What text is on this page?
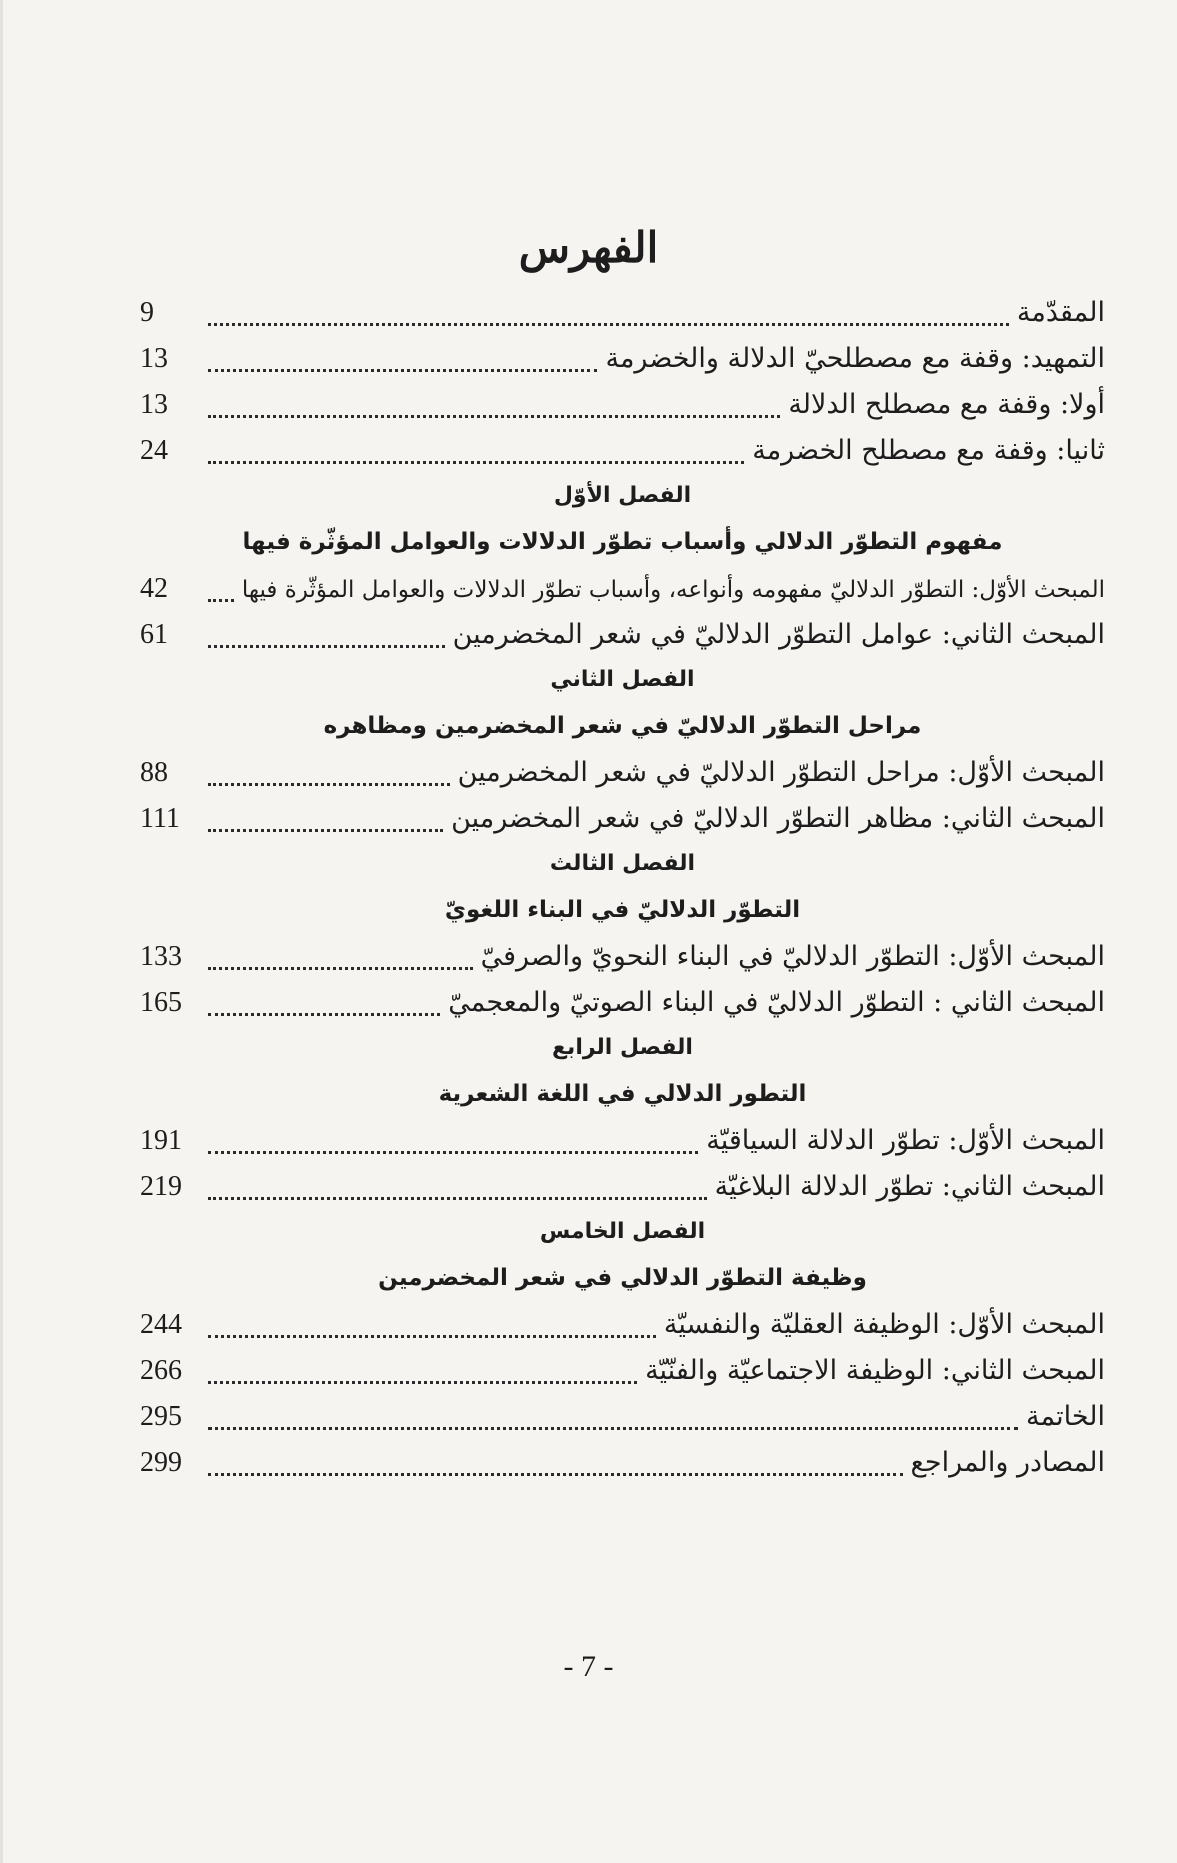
الفهرس
المقدّمة
9
التمهيد: وقفة مع مصطلحيّ الدلالة والخضرمة
13
أولا: وقفة مع مصطلح الدلالة
13
ثانيا: وقفة مع مصطلح الخضرمة
24
الفصل الأوّل
مفهوم التطوّر الدلالي وأسباب تطوّر الدلالات والعوامل المؤثّرة فيها
المبحث الأوّل: التطوّر الدلاليّ مفهومه وأنواعه، وأسباب تطوّر الدلالات والعوامل المؤثّرة فيها
42
المبحث الثاني: عوامل التطوّر الدلاليّ في شعر المخضرمين
61
الفصل الثاني
مراحل التطوّر الدلاليّ في شعر المخضرمين ومظاهره
المبحث الأوّل: مراحل التطوّر الدلاليّ في شعر المخضرمين
88
المبحث الثاني: مظاهر التطوّر الدلاليّ في شعر المخضرمين
111
الفصل الثالث
التطوّر الدلاليّ في البناء اللغويّ
المبحث الأوّل: التطوّر الدلاليّ في البناء النحويّ والصرفيّ
133
المبحث الثاني : التطوّر الدلاليّ في البناء الصوتيّ والمعجميّ
165
الفصل الرابع
التطور الدلالي في اللغة الشعرية
المبحث الأوّل: تطوّر الدلالة السياقيّة
191
المبحث الثاني: تطوّر الدلالة البلاغيّة
219
الفصل الخامس
وظيفة التطوّر الدلالي في شعر المخضرمين
المبحث الأوّل: الوظيفة العقليّة والنفسيّة
244
المبحث الثاني: الوظيفة الاجتماعيّة والفنّيّة
266
الخاتمة
295
المصادر والمراجع
299
- 7 -
